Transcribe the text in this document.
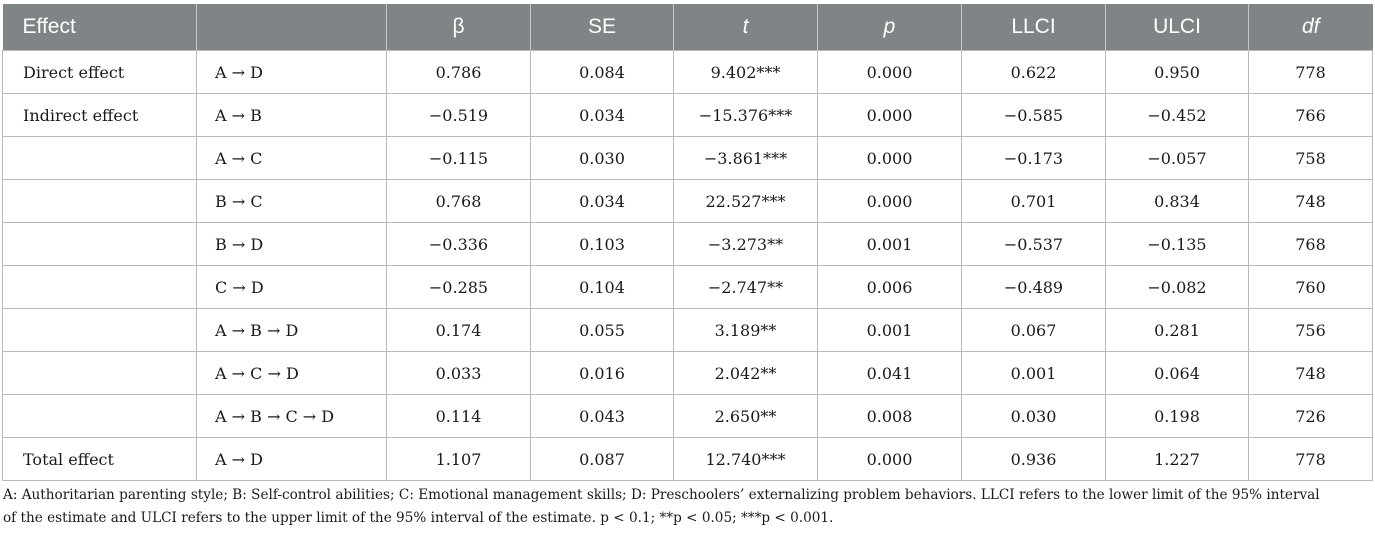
Effect		β	SE	t	p	LLCI	ULCI	df
Direct effect	A → D	0.786	0.084	9.402***	0.000	0.622	0.950	778
Indirect effect	A → B	−0.519	0.034	−15.376***	0.000	−0.585	−0.452	766
	A → C	−0.115	0.030	−3.861***	0.000	−0.173	−0.057	758
	B → C	0.768	0.034	22.527***	0.000	0.701	0.834	748
	B → D	−0.336	0.103	−3.273**	0.001	−0.537	−0.135	768
	C → D	−0.285	0.104	−2.747**	0.006	−0.489	−0.082	760
	A → B → D	0.174	0.055	3.189**	0.001	0.067	0.281	756
	A → C → D	0.033	0.016	2.042**	0.041	0.001	0.064	748
	A → B → C → D	0.114	0.043	2.650**	0.008	0.030	0.198	726
Total effect	A → D	1.107	0.087	12.740***	0.000	0.936	1.227	778

A: Authoritarian parenting style; B: Self-control abilities; C: Emotional management skills; D: Preschoolers’ externalizing problem behaviors. LLCI refers to the lower limit of the 95% interval
of the estimate and ULCI refers to the upper limit of the 95% interval of the estimate. p < 0.1; **p < 0.05; ***p < 0.001.
